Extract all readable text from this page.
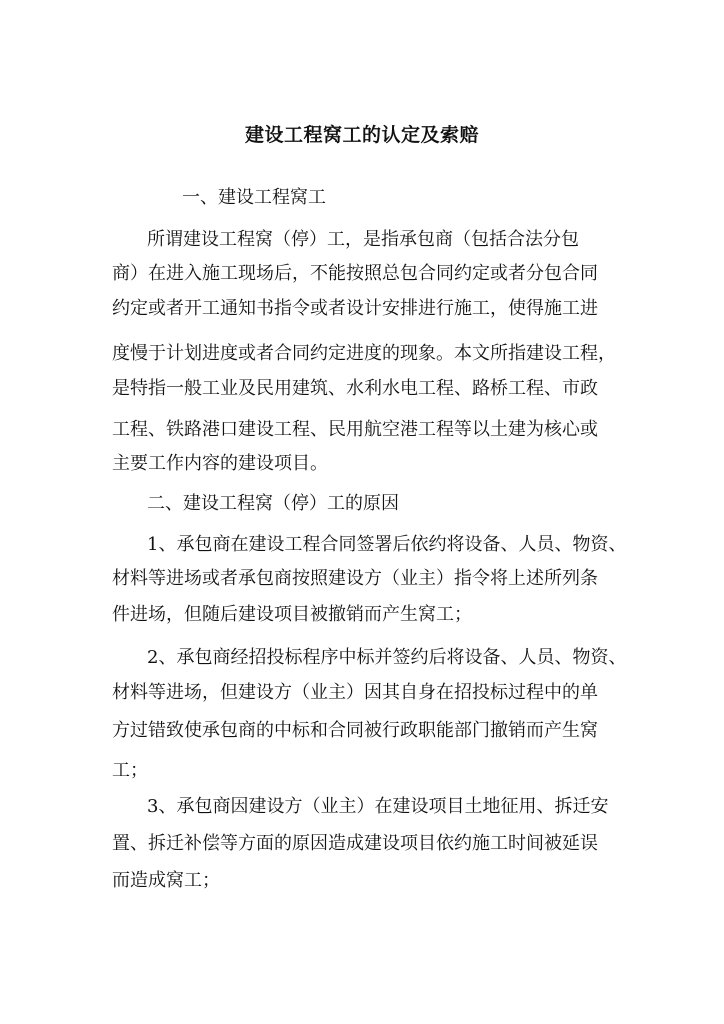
建设工程窝工的认定及索赔

一、建设工程窝工

所谓建设工程窝（停）工，是指承包商（包括合法分包

商）在进入施工现场后，不能按照总包合同约定或者分包合同

约定或者开工通知书指令或者设计安排进行施工，使得施工进

度慢于计划进度或者合同约定进度的现象。本文所指建设工程，

是特指一般工业及民用建筑、水利水电工程、路桥工程、市政

工程、铁路港口建设工程、民用航空港工程等以土建为核心或

主要工作内容的建设项目。

二、建设工程窝（停）工的原因

1、承包商在建设工程合同签署后依约将设备、人员、物资、

材料等进场或者承包商按照建设方（业主）指令将上述所列条

件进场，但随后建设项目被撤销而产生窝工；

2、承包商经招投标程序中标并签约后将设备、人员、物资、

材料等进场，但建设方（业主）因其自身在招投标过程中的单

方过错致使承包商的中标和合同被行政职能部门撤销而产生窝

工；

3、承包商因建设方（业主）在建设项目土地征用、拆迁安

置、拆迁补偿等方面的原因造成建设项目依约施工时间被延误

而造成窝工；
